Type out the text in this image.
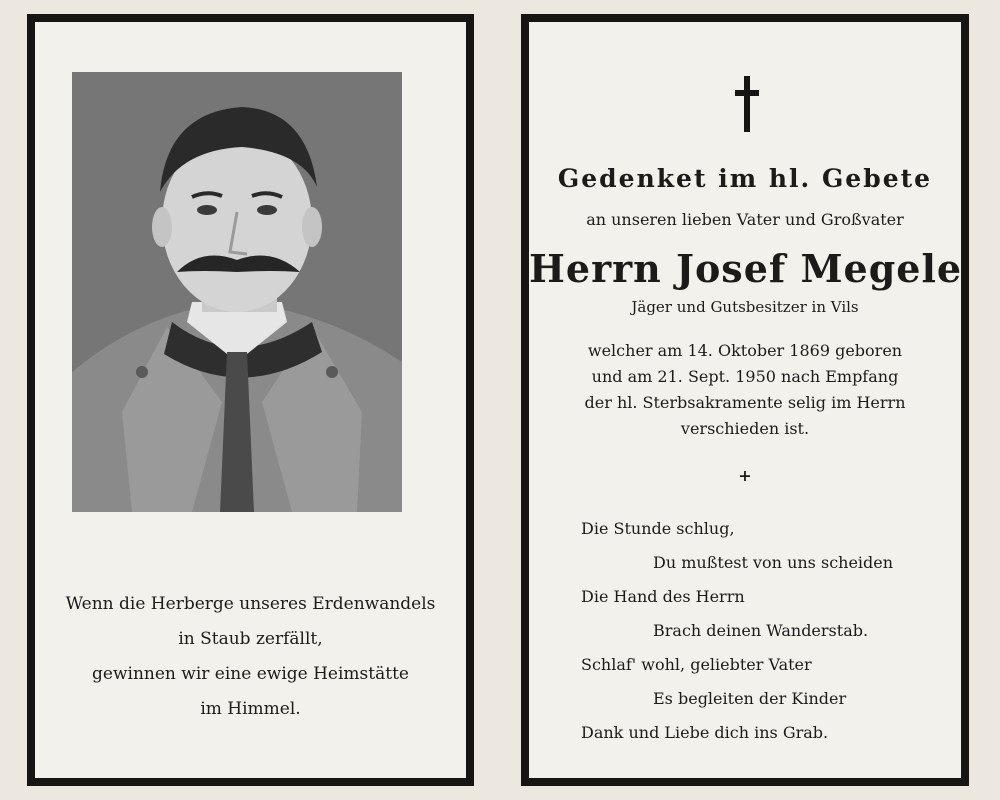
Wenn die Herberge unseres Erdenwandels
in Staub zerfällt,
gewinnen wir eine ewige Heimstätte
im Himmel.
Gedenket im hl. Gebete
an unseren lieben Vater und Großvater
Herrn Josef Megele
Jäger und Gutsbesitzer in Vils
welcher am 14. Oktober 1869 geboren
und am 21. Sept. 1950 nach Empfang
der hl. Sterbsakramente selig im Herrn
verschieden ist.
+
Die Stunde schlug,
Du mußtest von uns scheiden
Die Hand des Herrn
Brach deinen Wanderstab.
Schlaf' wohl, geliebter Vater
Es begleiten der Kinder
Dank und Liebe dich ins Grab.
